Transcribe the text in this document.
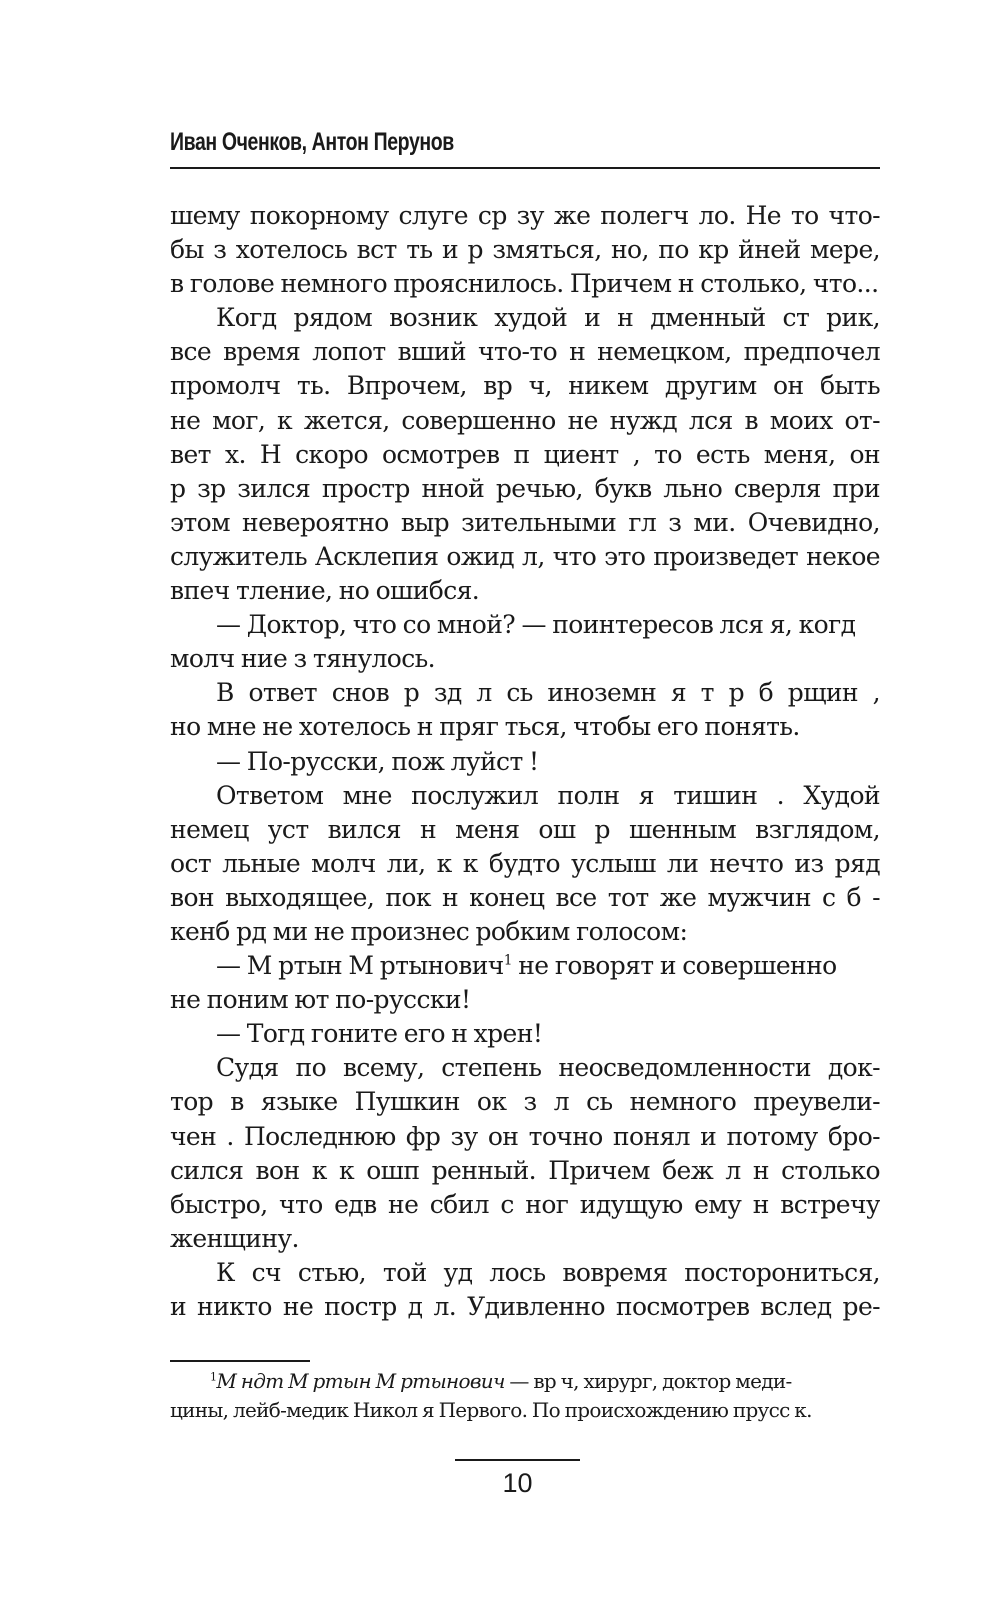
Иван Оченков, Антон Перунов
шему покорному слуге ср зу же полегч ло. Не то что-
бы з хотелось вст ть и р змяться, но, по кр йней мере,
в голове немного прояснилось. Причем н столько, что...
Когд рядом возник худой и н дменный ст рик,
все время лопот вший что-то н немецком, предпочел
промолч ть. Впрочем, вр ч, никем другим он быть
не мог, к жется, совершенно не нужд лся в моих от-
вет х. Н скоро осмотрев п циент , то есть меня, он
р зр зился простр нной речью, букв льно сверля при
этом невероятно выр зительными гл з ми. Очевидно,
служитель Асклепия ожид л, что это произведет некое
впеч тление, но ошибся.
— Доктор, что со мной? — поинтересов лся я, когд
молч ние з тянулось.
В ответ снов р зд л сь иноземн я т р б рщин ,
но мне не хотелось н пряг ться, чтобы его понять.
— По-русски, пож луйст !
Ответом мне послужил полн я тишин . Худой
немец уст вился н меня ош р шенным взглядом,
ост льные молч ли, к к будто услыш ли нечто из ряд
вон выходящее, пок н конец все тот же мужчин с б -
кенб рд ми не произнес робким голосом:
— М ртын М ртынович$^1$ не говорят и совершенно
не поним ют по-русски!
— Тогд гоните его н хрен!
Судя по всему, степень неосведомленности док-
тор в языке Пушкин ок з л сь немного преувели-
чен . Последнюю фр зу он точно понял и потому бро-
сился вон к к ошп ренный. Причем беж л н столько
быстро, что едв не сбил с ног идущую ему н встречу
женщину.
К сч стью, той уд лось вовремя посторониться,
и никто не постр д л. Удивленно посмотрев вслед ре-
$^1$М ндт М ртын М ртынович — вр ч, хирург, доктор меди-
цины, лейб-медик Никол я Первого. По происхождению прусс к.
10
